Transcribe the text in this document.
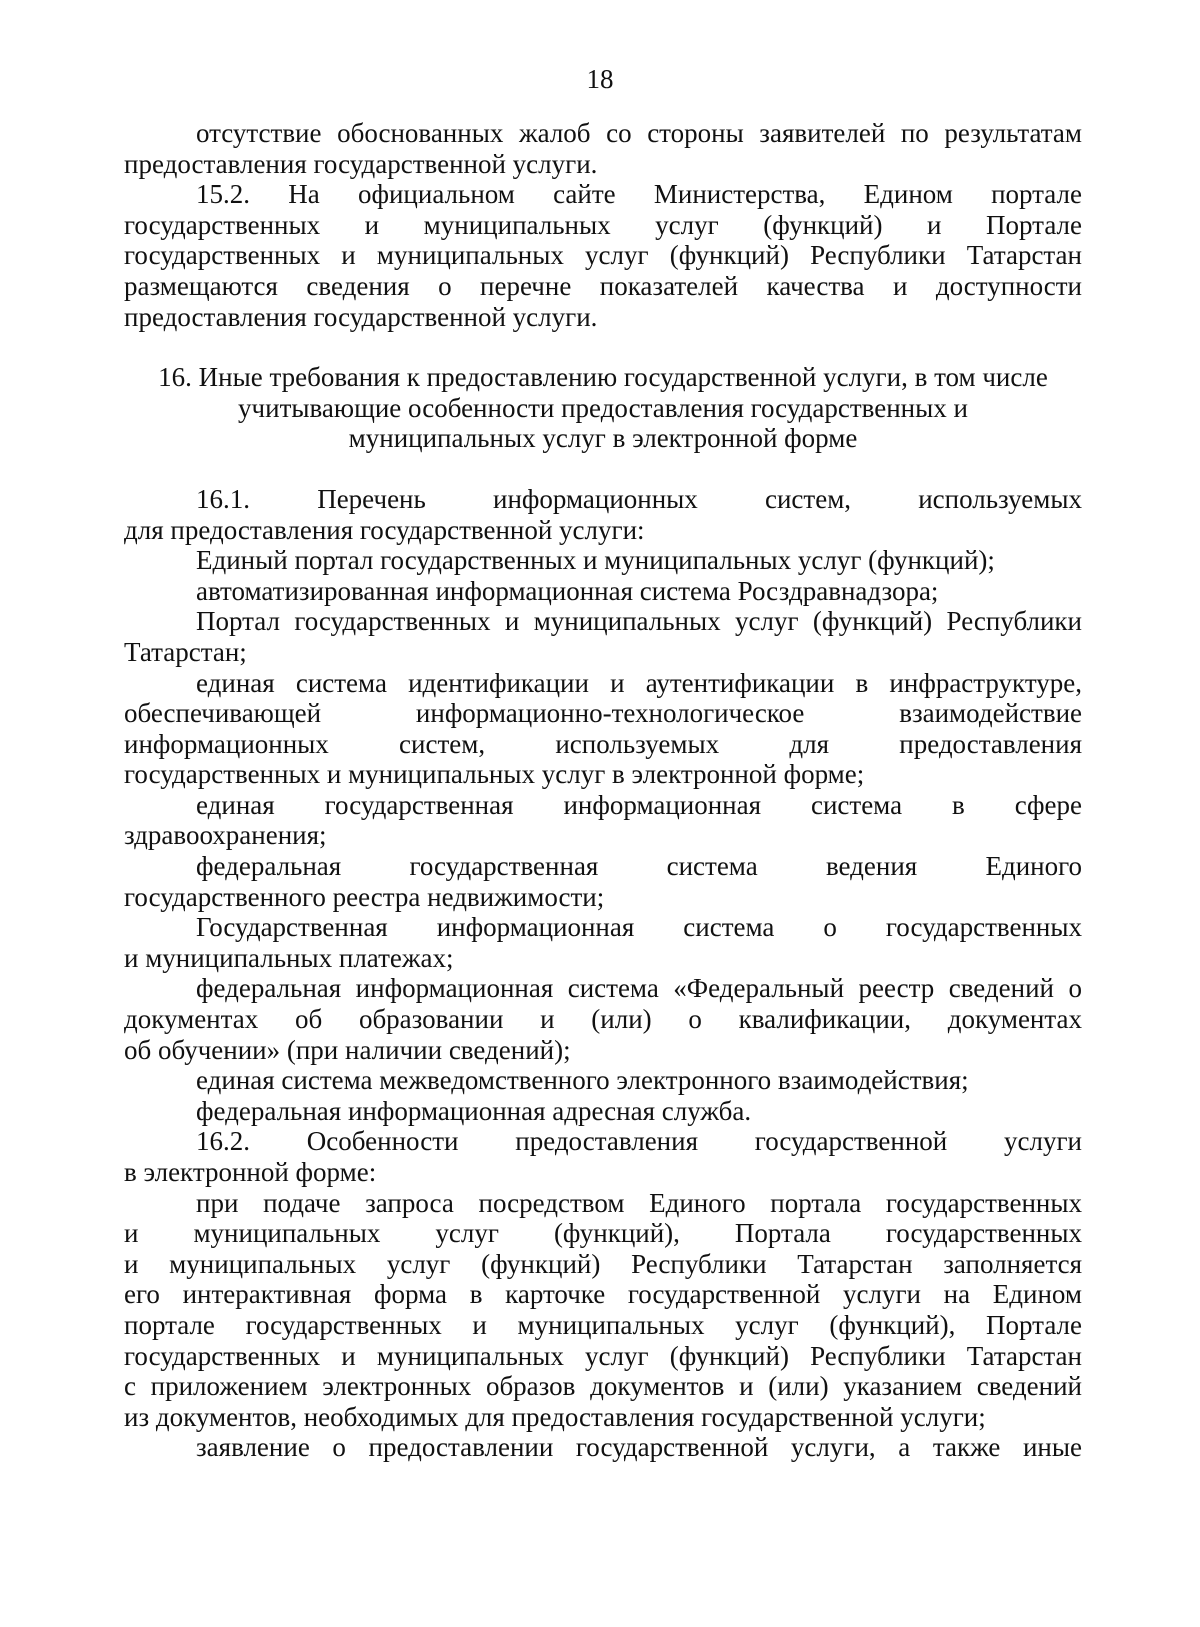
18
отсутствие обоснованных жалоб со стороны заявителей по результатам
предоставления государственной услуги.
15.2. На официальном сайте Министерства, Едином портале
государственных и муниципальных услуг (функций) и Портале
государственных и муниципальных услуг (функций) Республики Татарстан
размещаются сведения о перечне показателей качества и доступности
предоставления государственной услуги.
16. Иные требования к предоставлению государственной услуги, в том числе
учитывающие особенности предоставления государственных и
муниципальных услуг в электронной форме
16.1. Перечень информационных систем, используемых
для предоставления государственной услуги:
Единый портал государственных и муниципальных услуг (функций);
автоматизированная информационная система Росздравнадзора;
Портал государственных и муниципальных услуг (функций) Республики
Татарстан;
единая система идентификации и аутентификации в инфраструктуре,
обеспечивающей информационно-технологическое взаимодействие
информационных систем, используемых для предоставления
государственных и муниципальных услуг в электронной форме;
единая государственная информационная система в сфере
здравоохранения;
федеральная государственная система ведения Единого
государственного реестра недвижимости;
Государственная информационная система о государственных
и муниципальных платежах;
федеральная информационная система «Федеральный реестр сведений о
документах об образовании и (или) о квалификации, документах
об обучении» (при наличии сведений);
единая система межведомственного электронного взаимодействия;
федеральная информационная адресная служба.
16.2. Особенности предоставления государственной услуги
в электронной форме:
при подаче запроса посредством Единого портала государственных
и муниципальных услуг (функций), Портала государственных
и муниципальных услуг (функций) Республики Татарстан заполняется
его интерактивная форма в карточке государственной услуги на Едином
портале государственных и муниципальных услуг (функций), Портале
государственных и муниципальных услуг (функций) Республики Татарстан
с приложением электронных образов документов и (или) указанием сведений
из документов, необходимых для предоставления государственной услуги;
заявление о предоставлении государственной услуги, а также иные
